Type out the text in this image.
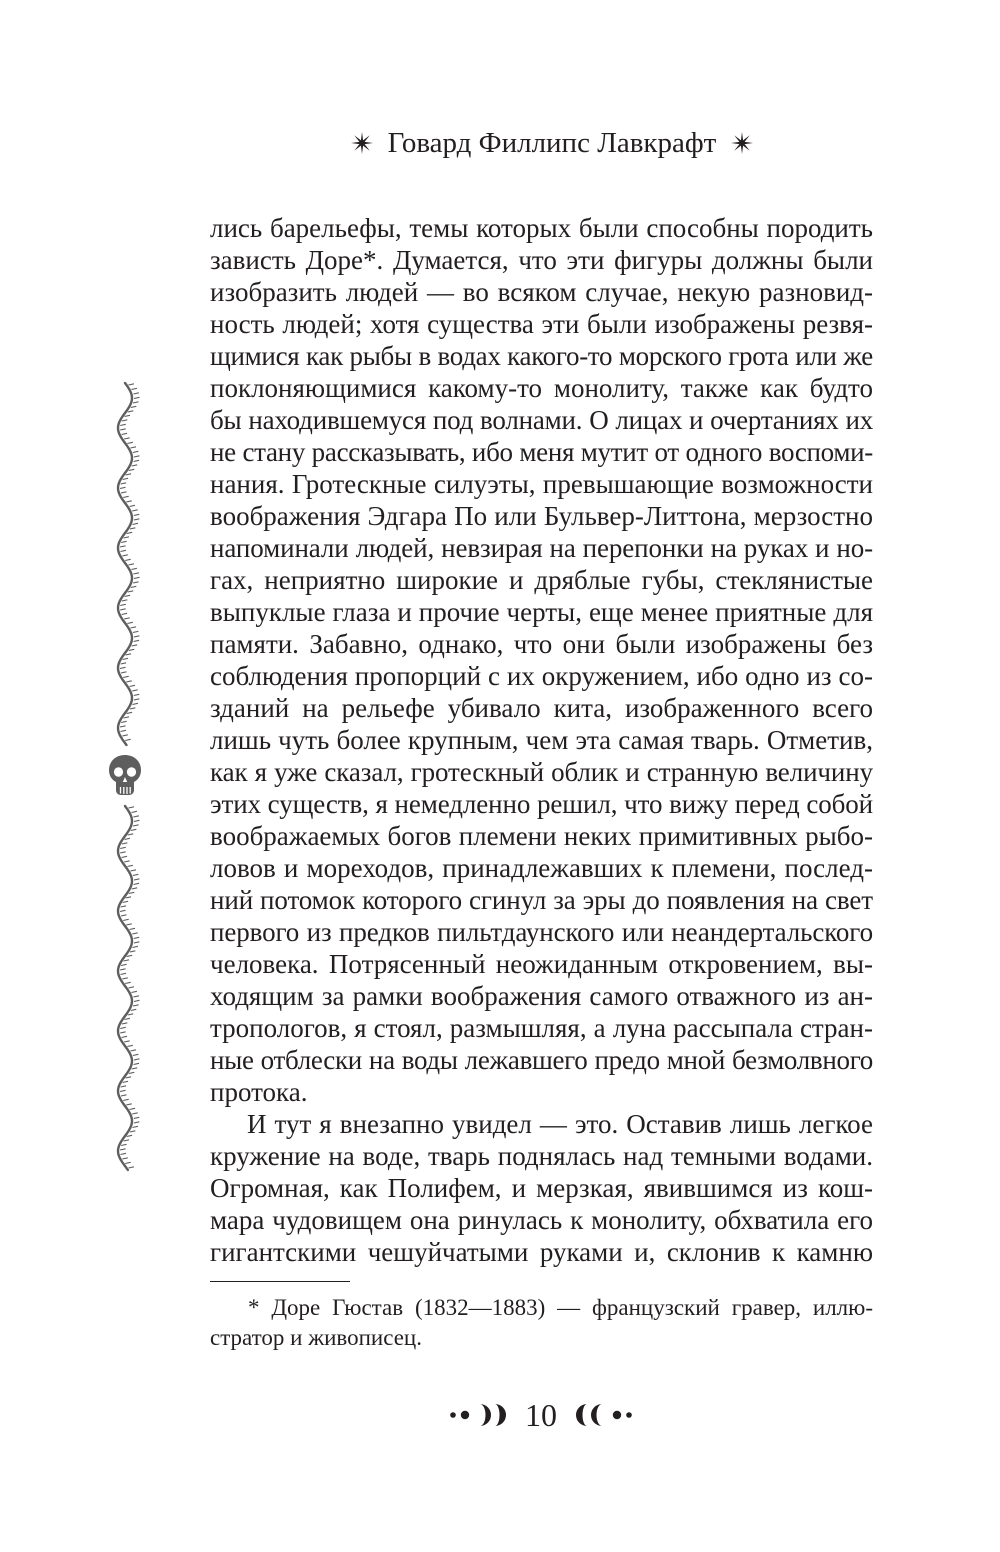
Говард Филлипс Лавкрафт
лись барельефы, темы которых были способны породить
зависть Доре*. Думается, что эти фигуры должны были
изобразить людей — во всяком случае, некую разновид-
ность людей; хотя существа эти были изображены резвя-
щимися как рыбы в водах какого-то морского грота или же
поклоняющимися какому-то монолиту, также как будто
бы находившемуся под волнами. О лицах и очертаниях их
не стану рассказывать, ибо меня мутит от одного воспоми-
нания. Гротескные силуэты, превышающие возможности
воображения Эдгара По или Бульвер-Литтона, мерзостно
напоминали людей, невзирая на перепонки на руках и но-
гах, неприятно широкие и дряблые губы, стеклянистые
выпуклые глаза и прочие черты, еще менее приятные для
памяти. Забавно, однако, что они были изображены без
соблюдения пропорций с их окружением, ибо одно из со-
зданий на рельефе убивало кита, изображенного всего
лишь чуть более крупным, чем эта самая тварь. Отметив,
как я уже сказал, гротескный облик и странную величину
этих существ, я немедленно решил, что вижу перед собой
воображаемых богов племени неких примитивных рыбо-
ловов и мореходов, принадлежавших к племени, послед-
ний потомок которого сгинул за эры до появления на свет
первого из предков пильтдаунского или неандертальского
человека. Потрясенный неожиданным откровением, вы-
ходящим за рамки воображения самого отважного из ан-
тропологов, я стоял, размышляя, а луна рассыпала стран-
ные отблески на воды лежавшего предо мной безмолвного
протока.
И тут я внезапно увидел — это. Оставив лишь легкое
кружение на воде, тварь поднялась над темными водами.
Огромная, как Полифем, и мерзкая, явившимся из кош-
мара чудовищем она ринулась к монолиту, обхватила его
гигантскими чешуйчатыми руками и, склонив к камню
* Доре Гюстав (1832—1883) — французский гравер, иллю-
стратор и живописец.
10
